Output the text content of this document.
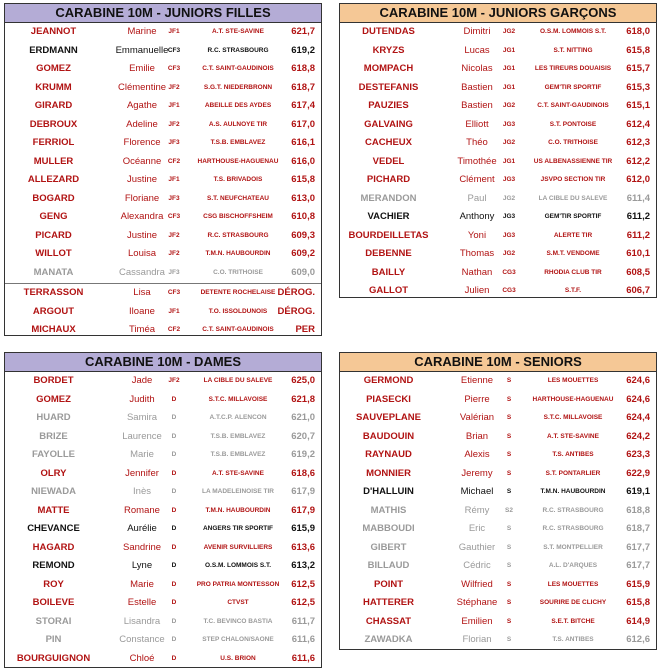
CARABINE 10M - JUNIORS FILLES
JEANNOT	Marine	JF1	A.T. STE-SAVINE	621,7
ERDMANN	Emmanuelle CF3	R.C. STRASBOURG	619,2
GOMEZ	Emilie	CF3	C.T. SAINT-GAUDINOIS	618,8
KRUMM	Clémentine JF2	S.G.T. NIEDERBRONN	618,7
GIRARD	Agathe	JF1	ABEILLE DES AYDES	617,4
DEBROUX	Adeline	JF2	A.S. AULNOYE TIR	617,0
FERRIOL	Florence	JF3	T.S.B. EMBLAVEZ	616,1
MULLER	Océanne	CF2	HARTHOUSE-HAGUENAU	616,0
ALLEZARD	Justine	JF1	T.S. BRIVADOIS	615,8
BOGARD	Floriane	JF3	S.T. NEUFCHATEAU	613,0
GENG	Alexandra CF3	CSG BISCHOFFSHEIM	610,8
PICARD	Justine	JF2	R.C. STRASBOURG	609,3
WILLOT	Louisa	JF2	T.M.N. HAUBOURDIN	609,2
MANATA	Cassandra JF3	C.O. TRITHOISE	609,0
TERRASSON	Lisa	CF3	DETENTE ROCHELAISE DÉROG.
ARGOUT	Iloane	JF1	T.O. ISSOLDUNOIS	DÉROG.
MICHAUX	Timéa	CF2	C.T. SAINT-GAUDINOIS	PER
CARABINE 10M - JUNIORS GARÇONS
DUTENDAS	Dimitri	JG2	O.S.M. LOMMOIS S.T.	618,0
KRYZS	Lucas	JG1	S.T. NITTING	615,8
MOMPACH	Nicolas	JG1	LES TIREURS DOUAISIS	615,7
DESTEFANIS	Bastien	JG1	GEM'TIR SPORTIF	615,3
PAUZIES	Bastien	JG2	C.T. SAINT-GAUDINOIS	615,1
GALVAING	Elliott	JG3	S.T. PONTOISE	612,4
CACHEUX	Théo	JG2	C.O. TRITHOISE	612,3
VEDEL	Timothée JG1	US ALBENASSIENNE TIR	612,2
PICHARD	Clément	JG3	JSVPO SECTION TIR	612,0
MERANDON	Paul	JG2	LA CIBLE DU SALEVE	611,4
VACHIER	Anthony	JG3	GEM'TIR SPORTIF	611,2
BOURDEILLETAS	Yoni	JG3	ALERTE TIR	611,2
DEBENNE	Thomas	JG2	S.M.T. VENDOME	610,1
BAILLY	Nathan	CG3	RHODIA CLUB TIR	608,5
GALLOT	Julien	CG3	S.T.F.	606,7
CARABINE 10M - DAMES
BORDET	Jade	JF2	LA CIBLE DU SALEVE	625,0
GOMEZ	Judith	D	S.T.C. MILLAVOISE	621,8
HUARD	Samira	D	A.T.C.P. ALENCON	621,0
BRIZE	Laurence	D	T.S.B. EMBLAVEZ	620,7
FAYOLLE	Marie	D	T.S.B. EMBLAVEZ	619,2
OLRY	Jennifer	D	A.T. STE-SAVINE	618,6
NIEWADA	Inès	D	LA MADELEINOISE TIR	617,9
MATTE	Romane	D	T.M.N. HAUBOURDIN	617,9
CHEVANCE	Aurélie	D	ANGERS TIR SPORTIF	615,9
HAGARD	Sandrine	D	AVENIR SURVILLIERS	613,6
REMOND	Lyne	D	O.S.M. LOMMOIS S.T.	613,2
ROY	Marie	D	PRO PATRIA MONTESSON	612,5
BOILEVE	Estelle	D	CTVST	612,5
STORAI	Lisandra	D	T.C. BEVINCO BASTIA	611,7
PIN	Constance	D	STEP CHALON/SAONE	611,6
BOURGUIGNON	Chloé	D	U.S. BRION	611,6
CARABINE 10M - SENIORS
GERMOND	Etienne	S	LES MOUETTES	624,6
PIASECKI	Pierre	S	HARTHOUSE-HAGUENAU	624,6
SAUVEPLANE	Valérian	S	S.T.C. MILLAVOISE	624,4
BAUDOUIN	Brian	S	A.T. STE-SAVINE	624,2
RAYNAUD	Alexis	S	T.S. ANTIBES	623,3
MONNIER	Jeremy	S	S.T. PONTARLIER	622,9
D'HALLUIN	Michael	S	T.M.N. HAUBOURDIN	619,1
MATHIS	Rémy	S2	R.C. STRASBOURG	618,8
MABBOUDI	Eric	S	R.C. STRASBOURG	618,7
GIBERT	Gauthier	S	S.T. MONTPELLIER	617,7
BILLAUD	Cédric	S	A.L. D'ARQUES	617,7
POINT	Wilfried	S	LES MOUETTES	615,9
HATTERER	Stéphane	S	SOURIRE DE CLICHY	615,8
CHASSAT	Emilien	S	S.E.T. BITCHE	614,9
ZAWADKA	Florian	S	T.S. ANTIBES	612,6
